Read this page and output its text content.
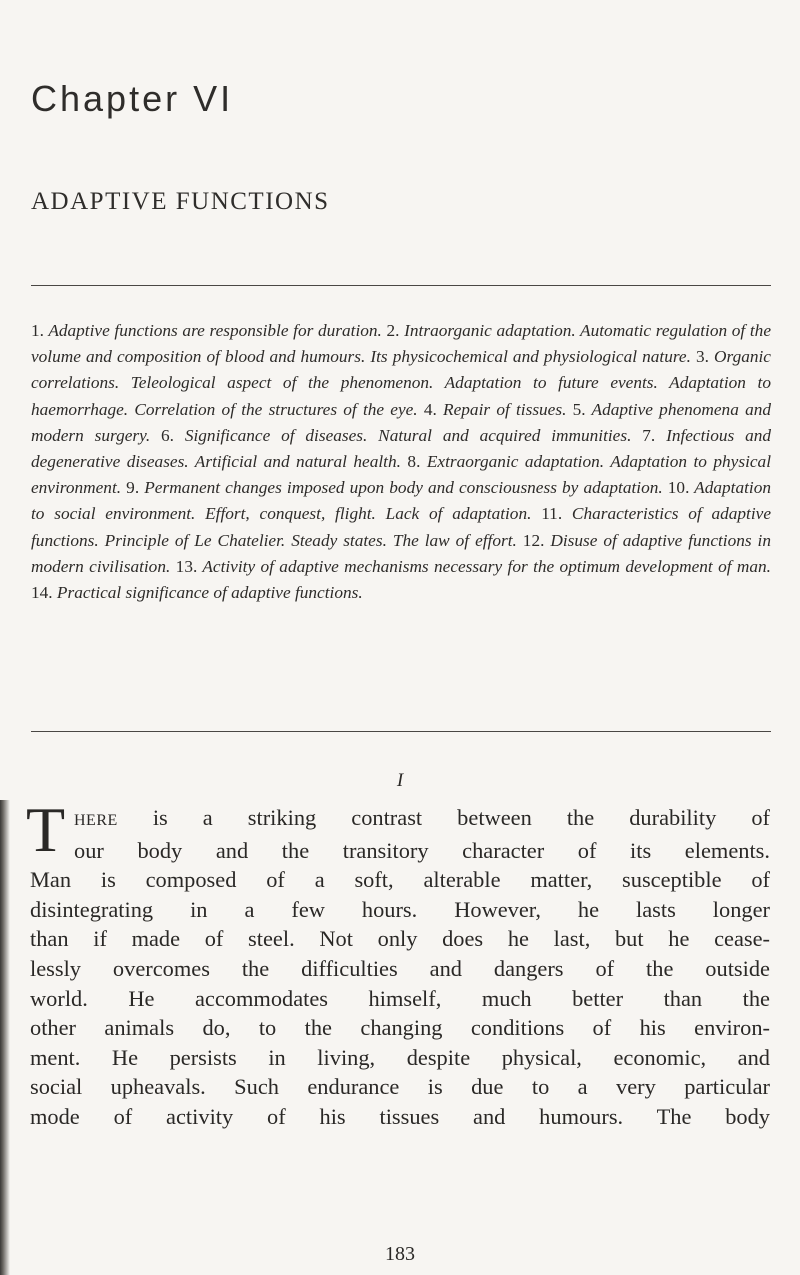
Chapter VI
ADAPTIVE FUNCTIONS
1. Adaptive functions are responsible for duration. 2. Intraorganic adaptation. Automatic regulation of the volume and composition of blood and humours. Its physicochemical and physiological nature. 3. Organic correlations. Teleological aspect of the phenomenon. Adaptation to future events. Adaptation to haemorrhage. Correlation of the structures of the eye. 4. Repair of tissues. 5. Adaptive phenomena and modern surgery. 6. Significance of diseases. Natural and acquired immunities. 7. Infectious and degenerative diseases. Artificial and natural health. 8. Extraorganic adaptation. Adaptation to physical environment. 9. Permanent changes imposed upon body and consciousness by adaptation. 10. Adaptation to social environment. Effort, conquest, flight. Lack of adaptation. 11. Characteristics of adaptive functions. Principle of Le Chatelier. Steady states. The law of effort. 12. Disuse of adaptive functions in modern civilisation. 13. Activity of adaptive mechanisms necessary for the optimum development of man. 14. Practical significance of adaptive functions.
I
T HERE is a striking contrast between the durability of
our body and the transitory character of its elements.
Man is composed of a soft, alterable matter, susceptible of
disintegrating in a few hours. However, he lasts longer
than if made of steel. Not only does he last, but he cease-
lessly overcomes the difficulties and dangers of the outside
world. He accommodates himself, much better than the
other animals do, to the changing conditions of his environ-
ment. He persists in living, despite physical, economic, and
social upheavals. Such endurance is due to a very particular
mode of activity of his tissues and humours. The body
183
